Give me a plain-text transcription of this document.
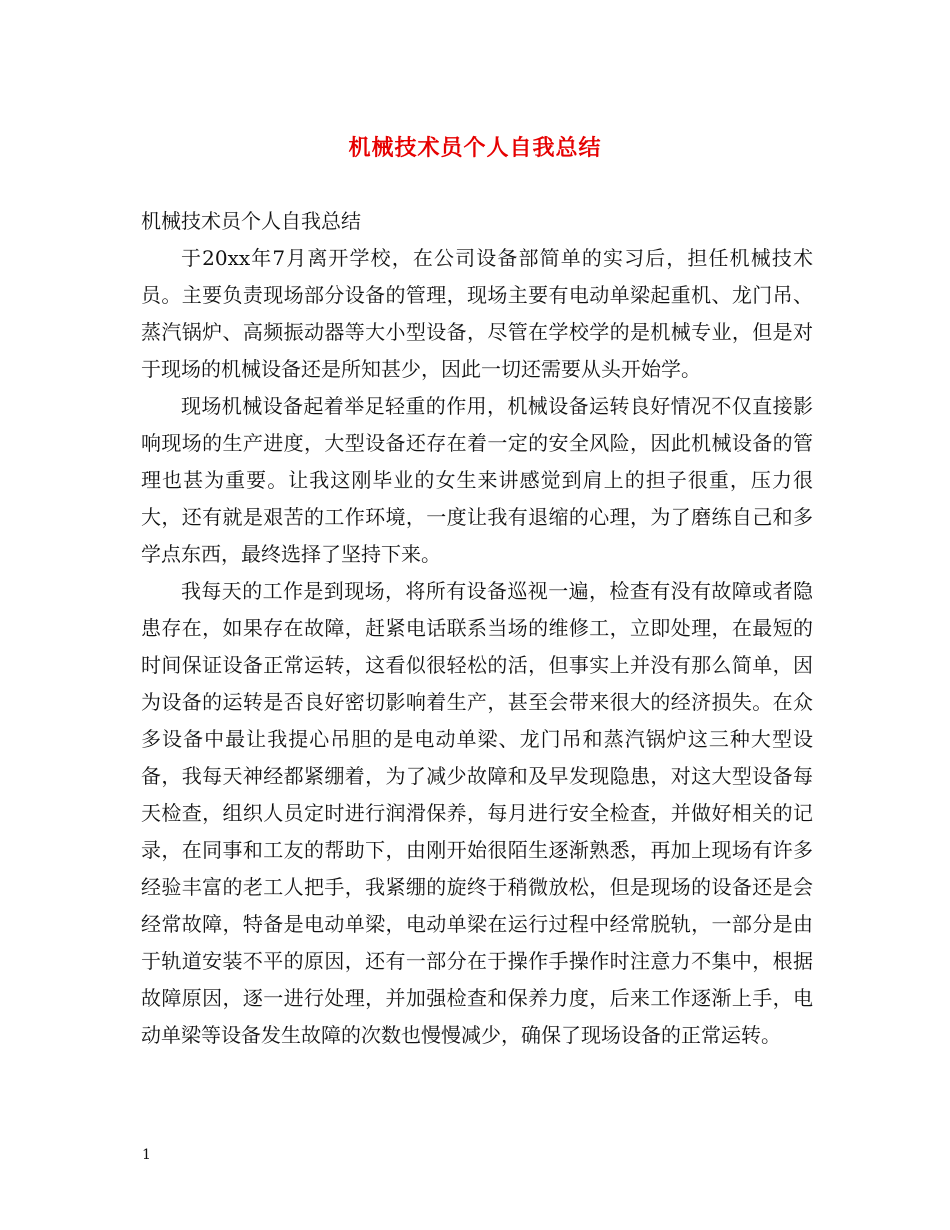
机械技术员个人自我总结

机械技术员个人自我总结

于20xx年7月离开学校，在公司设备部简单的实习后，担任机械技术员。主要负责现场部分设备的管理，现场主要有电动单梁起重机、龙门吊、蒸汽锅炉、高频振动器等大小型设备，尽管在学校学的是机械专业，但是对于现场的机械设备还是所知甚少，因此一切还需要从头开始学。

现场机械设备起着举足轻重的作用，机械设备运转良好情况不仅直接影响现场的生产进度，大型设备还存在着一定的安全风险，因此机械设备的管理也甚为重要。让我这刚毕业的女生来讲感觉到肩上的担子很重，压力很大，还有就是艰苦的工作环境，一度让我有退缩的心理，为了磨练自己和多学点东西，最终选择了坚持下来。

我每天的工作是到现场，将所有设备巡视一遍，检查有没有故障或者隐患存在，如果存在故障，赶紧电话联系当场的维修工，立即处理，在最短的时间保证设备正常运转，这看似很轻松的活，但事实上并没有那么简单，因为设备的运转是否良好密切影响着生产，甚至会带来很大的经济损失。在众多设备中最让我提心吊胆的是电动单梁、龙门吊和蒸汽锅炉这三种大型设备，我每天神经都紧绷着，为了减少故障和及早发现隐患，对这大型设备每天检查，组织人员定时进行润滑保养，每月进行安全检查，并做好相关的记录，在同事和工友的帮助下，由刚开始很陌生逐渐熟悉，再加上现场有许多经验丰富的老工人把手，我紧绷的旋终于稍微放松，但是现场的设备还是会经常故障，特备是电动单梁，电动单梁在运行过程中经常脱轨，一部分是由于轨道安装不平的原因，还有一部分在于操作手操作时注意力不集中，根据故障原因，逐一进行处理，并加强检查和保养力度，后来工作逐渐上手，电动单梁等设备发生故障的次数也慢慢减少，确保了现场设备的正常运转。

1
